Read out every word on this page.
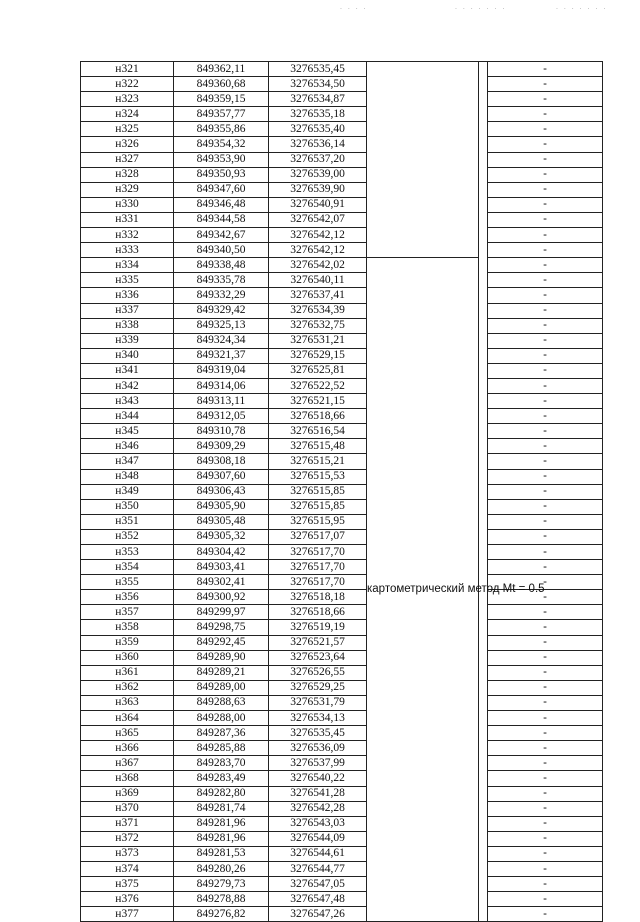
. . . .	. . . . . . .	. . . . . . .
н321	849362,11	3276535,45			-
н322	849360,68	3276534,50			-
н323	849359,15	3276534,87			-
н324	849357,77	3276535,18			-
н325	849355,86	3276535,40			-
н326	849354,32	3276536,14			-
н327	849353,90	3276537,20			-
н328	849350,93	3276539,00			-
н329	849347,60	3276539,90			-
н330	849346,48	3276540,91			-
н331	849344,58	3276542,07			-
н332	849342,67	3276542,12			-
н333	849340,50	3276542,12			-
н334	849338,48	3276542,02	картометрический метод Mt = 0.5		-
н335	849335,78	3276540,11			-
н336	849332,29	3276537,41			-
н337	849329,42	3276534,39			-
н338	849325,13	3276532,75			-
н339	849324,34	3276531,21			-
н340	849321,37	3276529,15			-
н341	849319,04	3276525,81			-
н342	849314,06	3276522,52			-
н343	849313,11	3276521,15			-
н344	849312,05	3276518,66			-
н345	849310,78	3276516,54			-
н346	849309,29	3276515,48			-
н347	849308,18	3276515,21			-
н348	849307,60	3276515,53			-
н349	849306,43	3276515,85			-
н350	849305,90	3276515,85			-
н351	849305,48	3276515,95			-
н352	849305,32	3276517,07			-
н353	849304,42	3276517,70			-
н354	849303,41	3276517,70			-
н355	849302,41	3276517,70			-
н356	849300,92	3276518,18			-
н357	849299,97	3276518,66			-
н358	849298,75	3276519,19			-
н359	849292,45	3276521,57			-
н360	849289,90	3276523,64			-
н361	849289,21	3276526,55			-
н362	849289,00	3276529,25			-
н363	849288,63	3276531,79			-
н364	849288,00	3276534,13			-
н365	849287,36	3276535,45			-
н366	849285,88	3276536,09			-
н367	849283,70	3276537,99			-
н368	849283,49	3276540,22			-
н369	849282,80	3276541,28			-
н370	849281,74	3276542,28			-
н371	849281,96	3276543,03			-
н372	849281,96	3276544,09			-
н373	849281,53	3276544,61			-
н374	849280,26	3276544,77			-
н375	849279,73	3276547,05			-
н376	849278,88	3276547,48			-
н377	849276,82	3276547,26			-
